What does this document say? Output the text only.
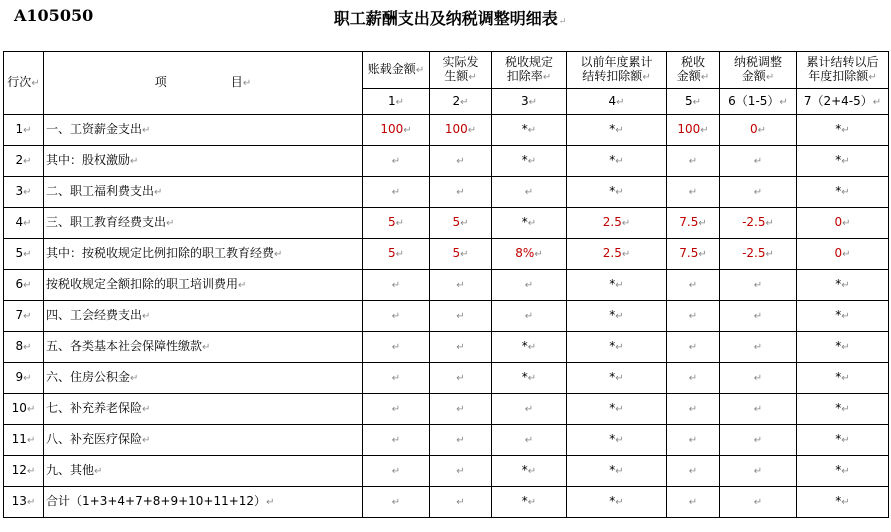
A105050	职工薪酬支出及纳税调整明细表↵
行次↵	项 目↵	账载金额↵	实际发
生额↵	税收规定
扣除率↵	以前年度累计
结转扣除额↵	税收
金额↵	纳税调整
金额↵	累计结转以后
年度扣除额↵
		1↵	2↵	3↵	4↵	5↵	6（1-5）↵	7（2+4-5）↵
1↵	一、工资薪金支出↵	100↵	100↵	*↵	*↵	100↵	0↵	*↵
2↵	其中：股权激励↵	↵	↵	*↵	*↵	↵	↵	*↵
3↵	二、职工福利费支出↵	↵	↵	↵	*↵	↵	↵	*↵
4↵	三、职工教育经费支出↵	5↵	5↵	*↵	2.5↵	7.5↵	-2.5↵	0↵
5↵	其中：按税收规定比例扣除的职工教育经费↵	5↵	5↵	8%↵	2.5↵	7.5↵	-2.5↵	0↵
6↵	按税收规定全额扣除的职工培训费用↵	↵	↵	↵	*↵	↵	↵	*↵
7↵	四、工会经费支出↵	↵	↵	↵	*↵	↵	↵	*↵
8↵	五、各类基本社会保障性缴款↵	↵	↵	*↵	*↵	↵	↵	*↵
9↵	六、住房公积金↵	↵	↵	*↵	*↵	↵	↵	*↵
10↵	七、补充养老保险↵	↵	↵	↵	*↵	↵	↵	*↵
11↵	八、补充医疗保险↵	↵	↵	↵	*↵	↵	↵	*↵
12↵	九、其他↵	↵	↵	*↵	*↵	↵	↵	*↵
13↵	合计（1+3+4+7+8+9+10+11+12）↵	↵	↵	*↵	*↵	↵	↵	*↵
